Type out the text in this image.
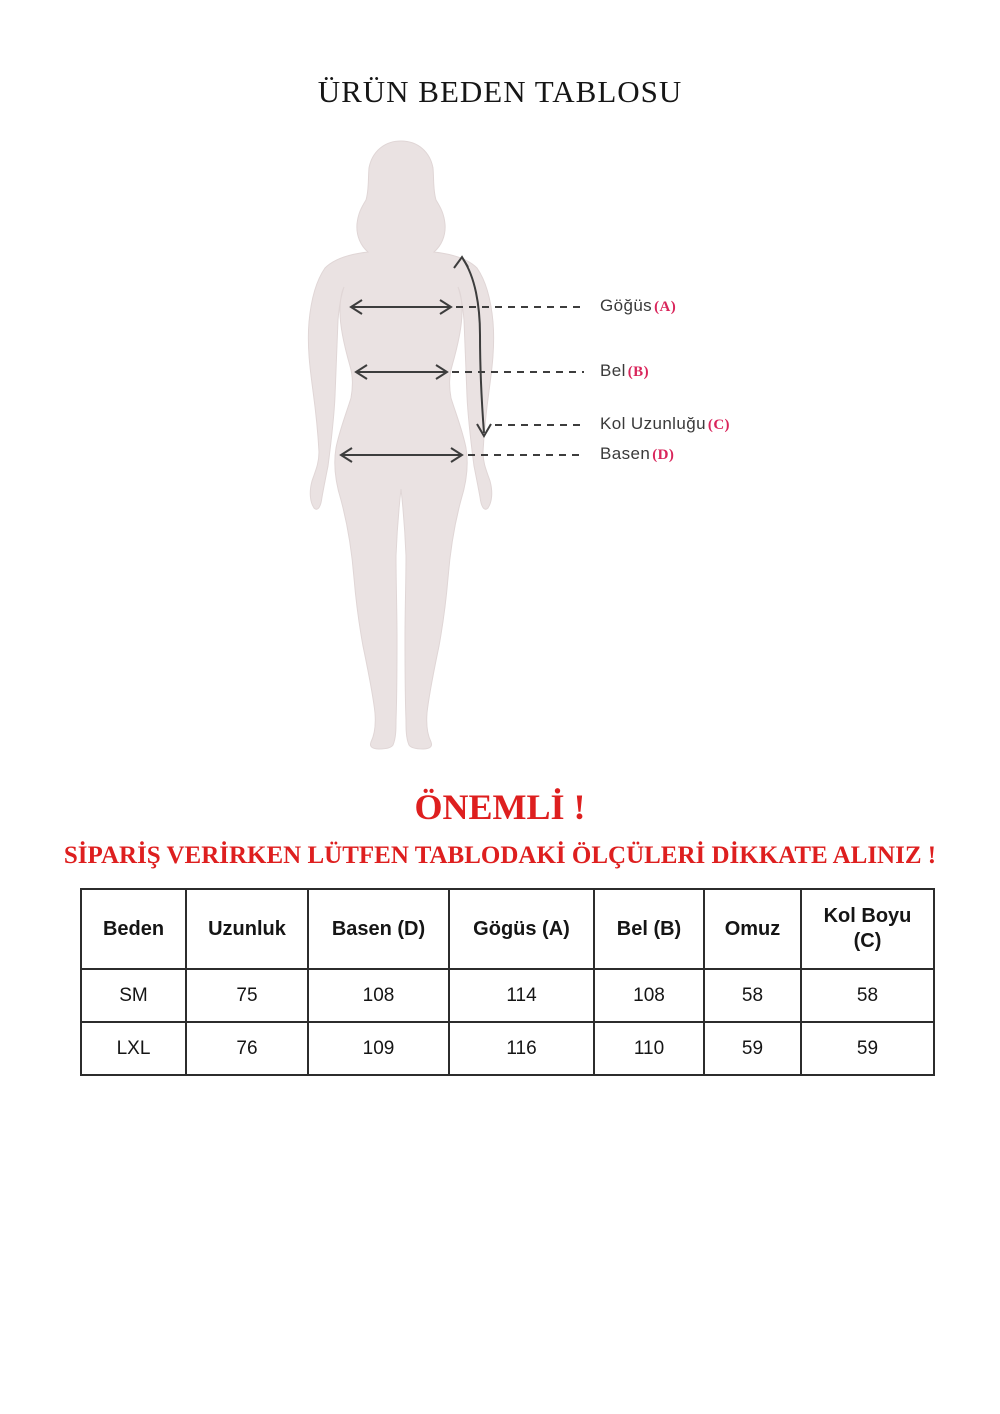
ÜRÜN BEDEN TABLOSU
Göğüs (A)
Bel (B)
Kol Uzunluğu (C)
Basen (D)
ÖNEMLİ !
SİPARİŞ VERİRKEN LÜTFEN TABLODAKİ ÖLÇÜLERİ DİKKATE ALINIZ !
Beden	Uzunluk	Basen (D)	Gögüs (A)	Bel (B)	Omuz	Kol Boyu (C)
SM	75	108	114	108	58	58
LXL	76	109	116	110	59	59
